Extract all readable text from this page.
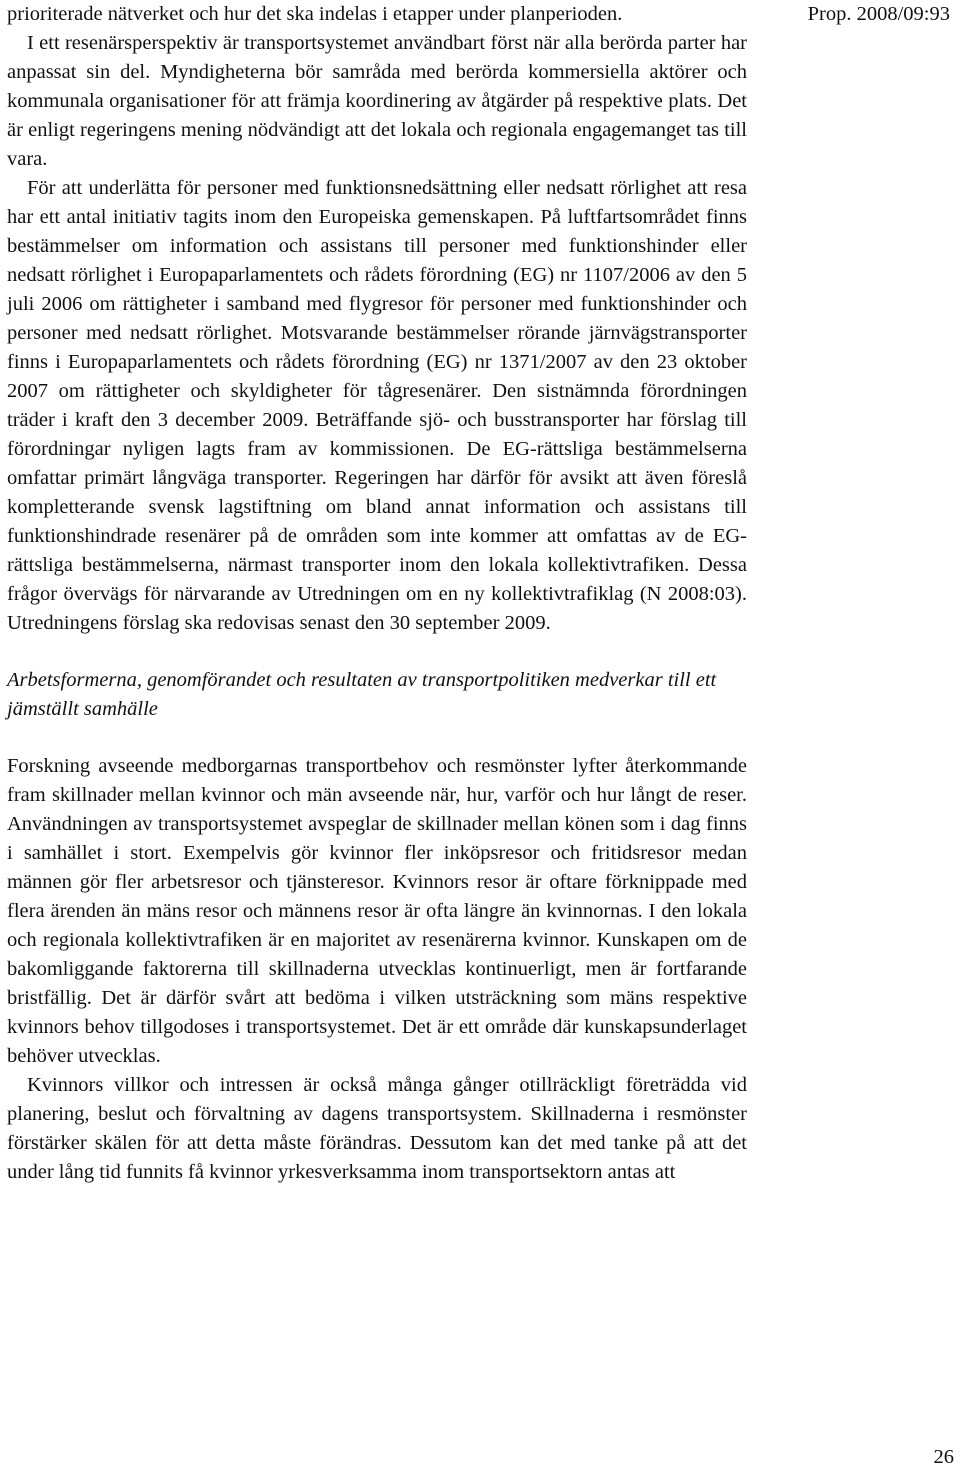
Prop. 2008/09:93

prioriterade nätverket och hur det ska indelas i etapper under planperioden.

I ett resenärsperspektiv är transportsystemet användbart först när alla berörda parter har anpassat sin del. Myndigheterna bör samråda med berörda kommersiella aktörer och kommunala organisationer för att främja koordinering av åtgärder på respektive plats. Det är enligt regeringens mening nödvändigt att det lokala och regionala engagemanget tas till vara.

För att underlätta för personer med funktionsnedsättning eller nedsatt rörlighet att resa har ett antal initiativ tagits inom den Europeiska gemenskapen. På luftfartsområdet finns bestämmelser om information och assistans till personer med funktionshinder eller nedsatt rörlighet i Europaparlamentets och rådets förordning (EG) nr 1107/2006 av den 5 juli 2006 om rättigheter i samband med flygresor för personer med funktionshinder och personer med nedsatt rörlighet. Motsvarande bestämmelser rörande järnvägstransporter finns i Europaparlamentets och rådets förordning (EG) nr 1371/2007 av den 23 oktober 2007 om rättigheter och skyldigheter för tågresenärer. Den sistnämnda förordningen träder i kraft den 3 december 2009. Beträffande sjö- och busstransporter har förslag till förordningar nyligen lagts fram av kommissionen. De EG-rättsliga bestämmelserna omfattar primärt långväga transporter. Regeringen har därför för avsikt att även föreslå kompletterande svensk lagstiftning om bland annat information och assistans till funktionshindrade resenärer på de områden som inte kommer att omfattas av de EG-rättsliga bestämmelserna, närmast transporter inom den lokala kollektivtrafiken. Dessa frågor övervägs för närvarande av Utredningen om en ny kollektivtrafiklag (N 2008:03). Utredningens förslag ska redovisas senast den 30 september 2009.

Arbetsformerna, genomförandet och resultaten av transportpolitiken medverkar till ett jämställt samhälle

Forskning avseende medborgarnas transportbehov och resmönster lyfter återkommande fram skillnader mellan kvinnor och män avseende när, hur, varför och hur långt de reser. Användningen av transportsystemet avspeglar de skillnader mellan könen som i dag finns i samhället i stort. Exempelvis gör kvinnor fler inköpsresor och fritidsresor medan männen gör fler arbetsresor och tjänsteresor. Kvinnors resor är oftare förknippade med flera ärenden än mäns resor och männens resor är ofta längre än kvinnornas. I den lokala och regionala kollektivtrafiken är en majoritet av resenärerna kvinnor. Kunskapen om de bakomliggande faktorerna till skillnaderna utvecklas kontinuerligt, men är fortfarande bristfällig. Det är därför svårt att bedöma i vilken utsträckning som mäns respektive kvinnors behov tillgodoses i transportsystemet. Det är ett område där kunskapsunderlaget behöver utvecklas.

Kvinnors villkor och intressen är också många gånger otillräckligt företrädda vid planering, beslut och förvaltning av dagens transportsystem. Skillnaderna i resmönster förstärker skälen för att detta måste förändras. Dessutom kan det med tanke på att det under lång tid funnits få kvinnor yrkesverksamma inom transportsektorn antas att

26
